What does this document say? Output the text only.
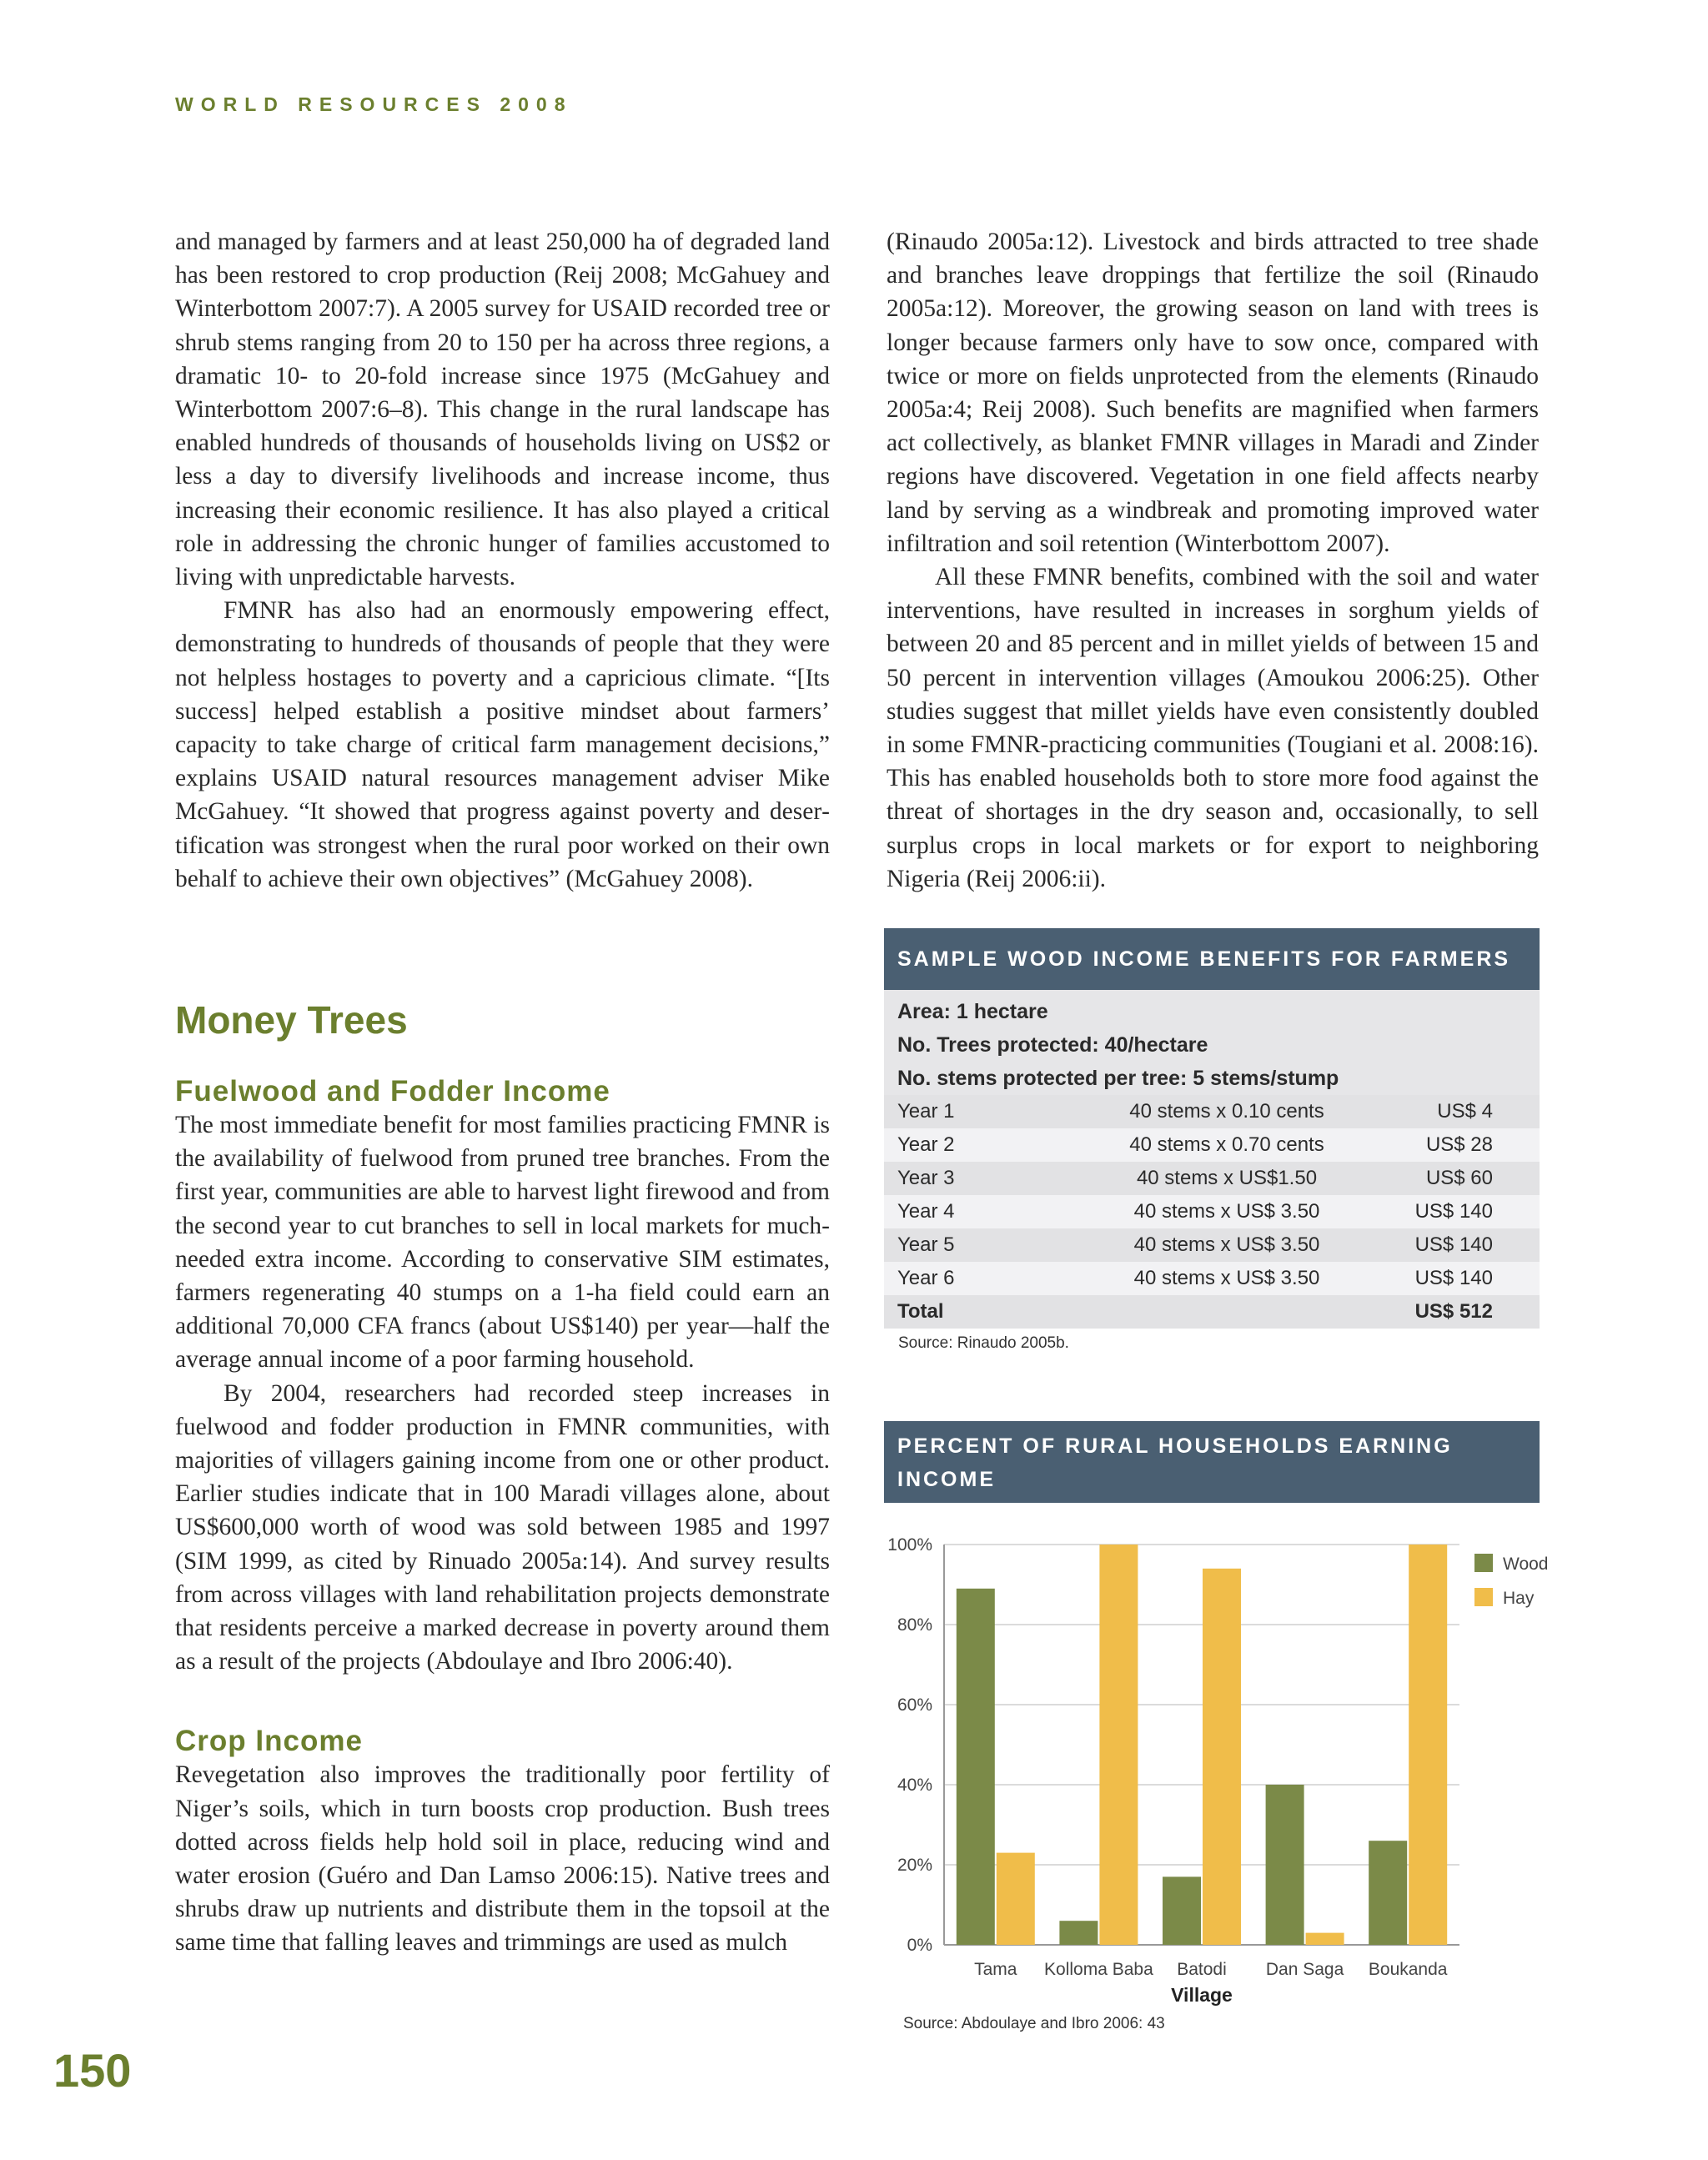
WORLD RESOURCES 2008

and managed by farmers and at least 250,000 ha of degraded land has been restored to crop production (Reij 2008; McGahuey and Winterbottom 2007:7). A 2005 survey for USAID recorded tree or shrub stems ranging from 20 to 150 per ha across three regions, a dramatic 10- to 20-fold increase since 1975 (McGahuey and Winterbottom 2007:6–8). This change in the rural landscape has enabled hundreds of thousands of households living on US$2 or less a day to diversify livelihoods and increase income, thus increasing their economic resilience. It has also played a critical role in addressing the chronic hunger of families accustomed to living with unpredictable harvests.

FMNR has also had an enormously empowering effect, demonstrating to hundreds of thousands of people that they were not helpless hostages to poverty and a capricious climate. “[Its success] helped establish a positive mindset about farmers’ capacity to take charge of critical farm management decisions,” explains USAID natural resources management adviser Mike McGahuey. “It showed that progress against poverty and desertification was strongest when the rural poor worked on their own behalf to achieve their own objectives” (McGahuey 2008).

(Rinaudo 2005a:12). Livestock and birds attracted to tree shade and branches leave droppings that fertilize the soil (Rinaudo 2005a:12). Moreover, the growing season on land with trees is longer because farmers only have to sow once, compared with twice or more on fields unprotected from the elements (Rinaudo 2005a:4; Reij 2008). Such benefits are magnified when farmers act collectively, as blanket FMNR villages in Maradi and Zinder regions have discovered. Vegetation in one field affects nearby land by serving as a windbreak and promoting improved water infiltration and soil retention (Winterbottom 2007).

All these FMNR benefits, combined with the soil and water interventions, have resulted in increases in sorghum yields of between 20 and 85 percent and in millet yields of between 15 and 50 percent in intervention villages (Amoukou 2006:25). Other studies suggest that millet yields have even consistently doubled in some FMNR-practicing communities (Tougiani et al. 2008:16). This has enabled households both to store more food against the threat of shortages in the dry season and, occasionally, to sell surplus crops in local markets or for export to neighboring Nigeria (Reij 2006:ii).

Money Trees
Fuelwood and Fodder Income

The most immediate benefit for most families practicing FMNR is the availability of fuelwood from pruned tree branches. From the first year, communities are able to harvest light firewood and from the second year to cut branches to sell in local markets for much-needed extra income. According to conservative SIM estimates, farmers regenerating 40 stumps on a 1-ha field could earn an additional 70,000 CFA francs (about US$140) per year—half the average annual income of a poor farming household.

By 2004, researchers had recorded steep increases in fuelwood and fodder production in FMNR communities, with majorities of villagers gaining income from one or other product. Earlier studies indicate that in 100 Maradi villages alone, about US$600,000 worth of wood was sold between 1985 and 1997 (SIM 1999, as cited by Rinuado 2005a:14). And survey results from across villages with land rehabilitation projects demonstrate that residents perceive a marked decrease in poverty around them as a result of the projects (Abdoulaye and Ibro 2006:40).

Crop Income

Revegetation also improves the traditionally poor fertility of Niger’s soils, which in turn boosts crop production. Bush trees dotted across fields help hold soil in place, reducing wind and water erosion (Guéro and Dan Lamso 2006:15). Native trees and shrubs draw up nutrients and distribute them in the topsoil at the same time that falling leaves and trimmings are used as mulch

SAMPLE WOOD INCOME BENEFITS FOR FARMERS
Area: 1 hectare
No. Trees protected: 40/hectare
No. stems protected per tree: 5 stems/stump
Year 1	40 stems x 0.10 cents	US$ 4
Year 2	40 stems x 0.70 cents	US$ 28
Year 3	40 stems x US$1.50	US$ 60
Year 4	40 stems x US$ 3.50	US$ 140
Year 5	40 stems x US$ 3.50	US$ 140
Year 6	40 stems x US$ 3.50	US$ 140
Total	US$ 512
Source: Rinaudo 2005b.
PERCENT OF RURAL HOUSEHOLDS EARNING INCOME
FROM WOOD AND HAY IN 2005
0%
20%
40%
60%
80%
100%
Tama Kolloma Baba Batodi Dan Saga Boukanda
Village
Wood
Hay
Source: Abdoulaye and Ibro 2006: 43
150
